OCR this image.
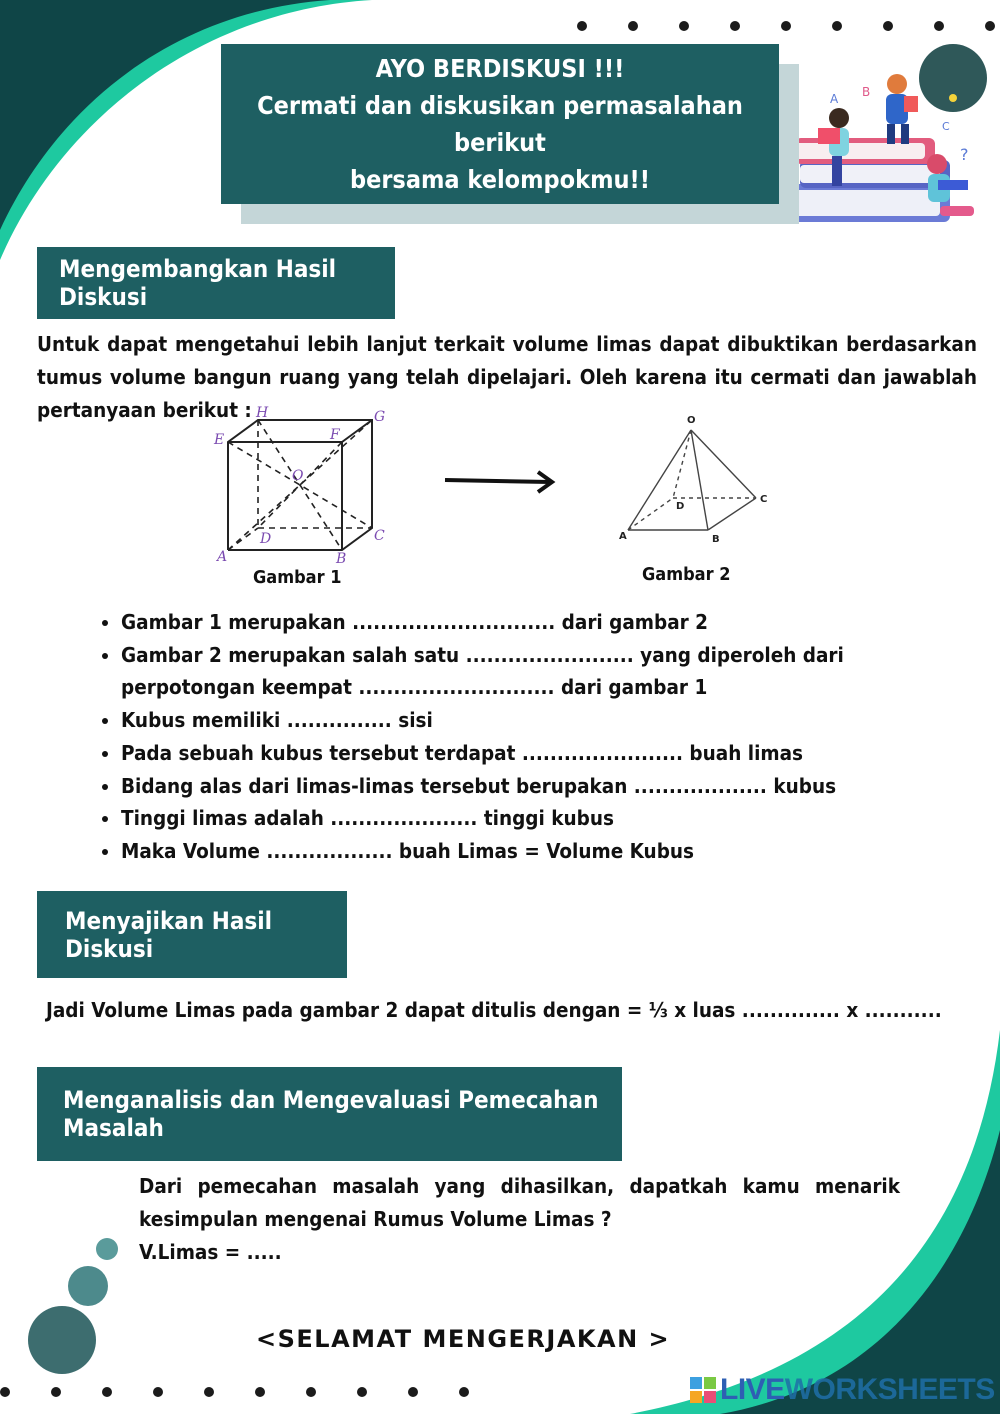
B
A
?
C
AYO BERDISKUSI !!!
Cermati dan diskusikan permasalahan berikut
bersama kelompokmu!!
Mengembangkan Hasil Diskusi
Untuk dapat mengetahui lebih lanjut terkait volume limas dapat dibuktikan berdasarkan tumus volume bangun ruang yang telah dipelajari. Oleh karena itu cermati dan jawablah pertanyaan berikut : H	G
E	F
O
D	C
A	B
O
D
C
A	B
Gambar 1	Gambar 2
• Gambar 1 merupakan ............................. dari gambar 2
• Gambar 2 merupakan salah satu ........................ yang diperoleh dari perpotongan keempat ............................ dari gambar 1
• Kubus memiliki ............... sisi
• Pada sebuah kubus tersebut terdapat ....................... buah limas
• Bidang alas dari limas-limas tersebut berupakan ................... kubus
• Tinggi limas adalah ..................... tinggi kubus
• Maka Volume .................. buah Limas = Volume Kubus
Menyajikan Hasil Diskusi
Jadi Volume Limas pada gambar 2 dapat ditulis dengan = ⅓ x luas .............. x ...........
Menganalisis dan Mengevaluasi Pemecahan Masalah
Dari pemecahan masalah yang dihasilkan, dapatkah kamu menarik kesimpulan mengenai Rumus Volume Limas ?
V.Limas = .....
<SELAMAT MENGERJAKAN >
LIVE WORKSHEETS
